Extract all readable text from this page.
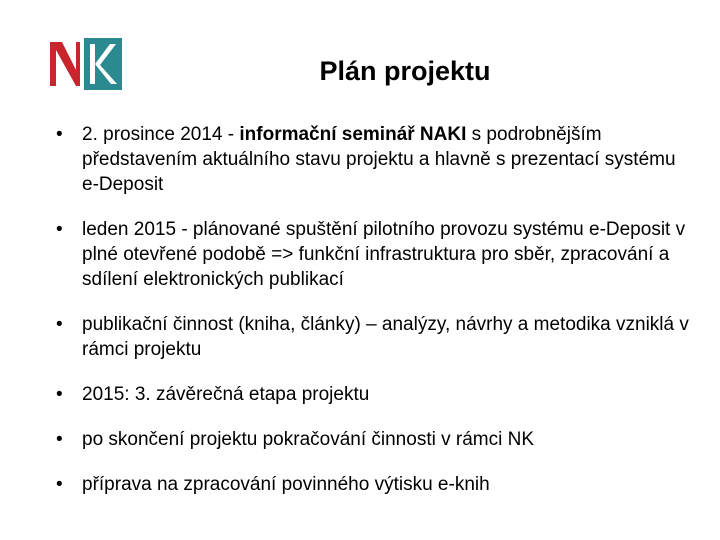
Plán projektu
• 2. prosince 2014 - informační seminář NAKI s podrobnějším představením aktuálního stavu projektu a hlavně s prezentací systému e-Deposit
• leden 2015 - plánované spuštění pilotního provozu systému e-Deposit v plné otevřené podobě => funkční infrastruktura pro sběr, zpracování a sdílení elektronických publikací
• publikační činnost (kniha, články) – analýzy, návrhy a metodika vzniklá v rámci projektu
• 2015: 3. závěrečná etapa projektu
• po skončení projektu pokračování činnosti v rámci NK
• příprava na zpracování povinného výtisku e-knih
